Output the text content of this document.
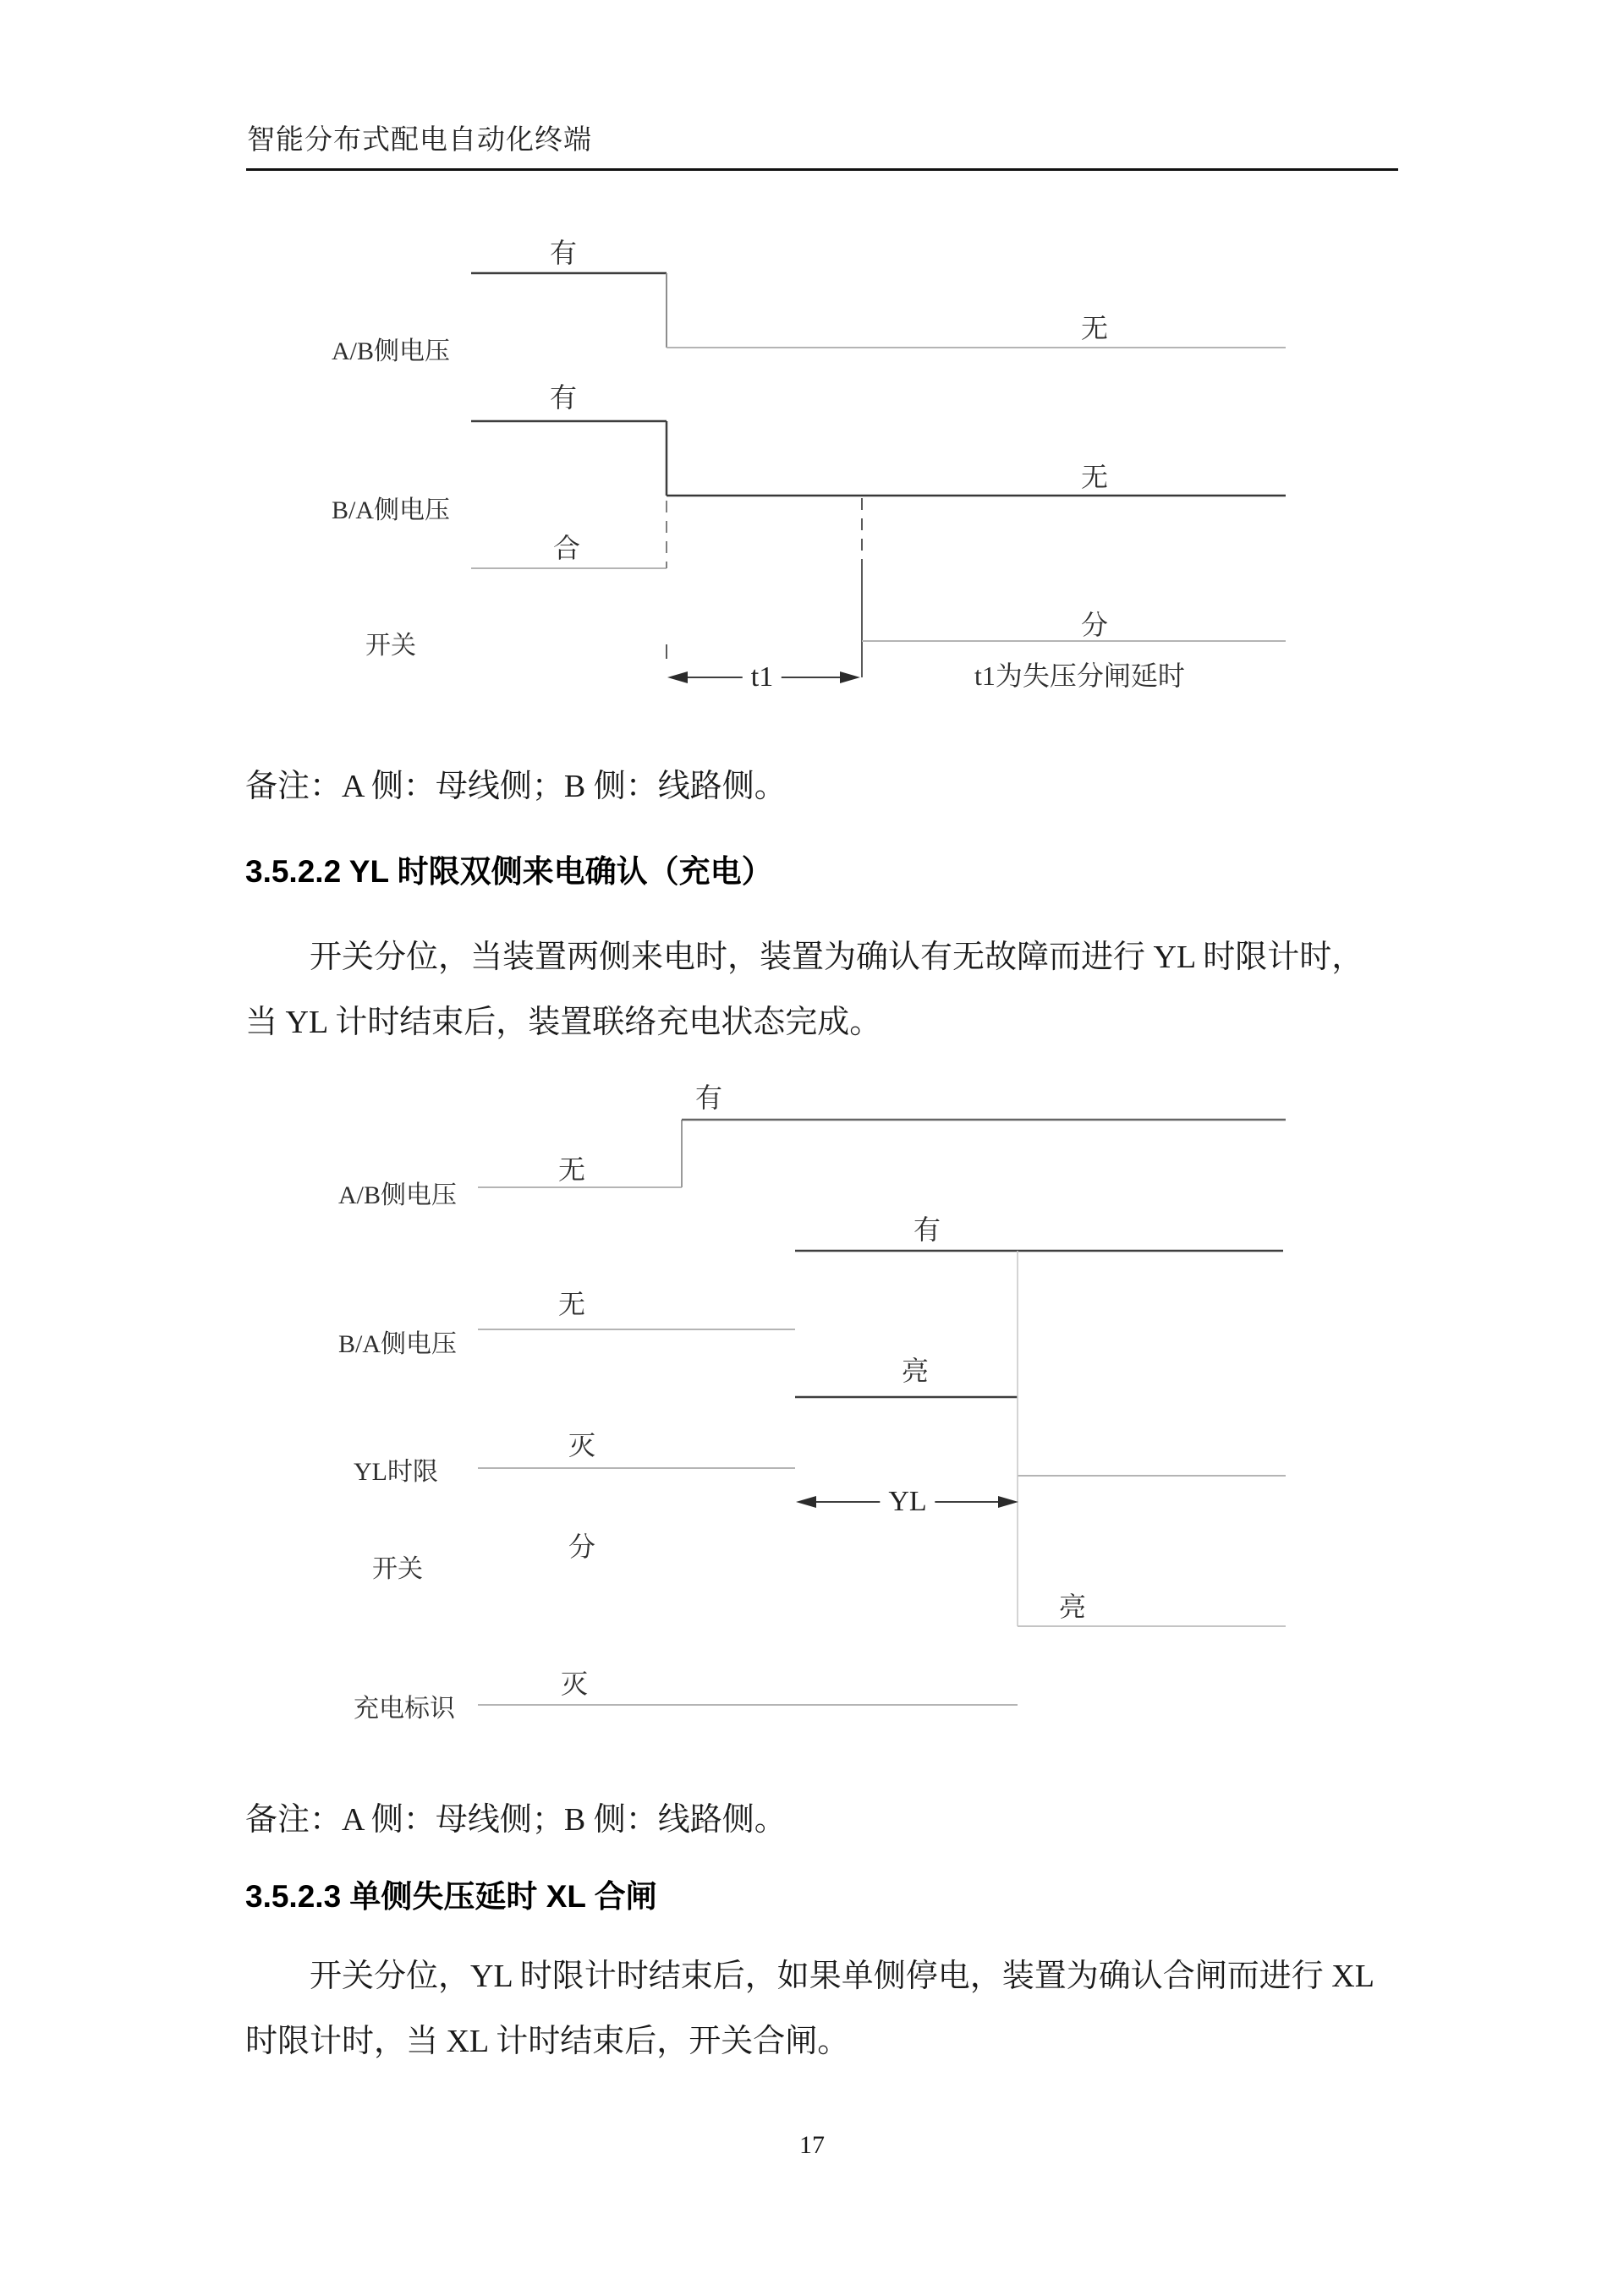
智能分布式配电自动化终端
A/B侧电压
B/A侧电压
开关
有
无
有
无
合
分
t1	t1为失压分闸延时
备注：A 侧：母线侧；B 侧：线路侧。
3.5.2.2 YL 时限双侧来电确认（充电）
开关分位，当装置两侧来电时，装置为确认有无故障而进行 YL 时限计时，
当 YL 计时结束后，装置联络充电状态完成。
A/B侧电压
B/A侧电压
YL时限
开关
充电标识
有
无
有
无
亮
灭
YL
分
亮
灭
备注：A 侧：母线侧；B 侧：线路侧。
3.5.2.3 单侧失压延时 XL 合闸
开关分位，YL 时限计时结束后，如果单侧停电，装置为确认合闸而进行 XL
时限计时，当 XL 计时结束后，开关合闸。
17
